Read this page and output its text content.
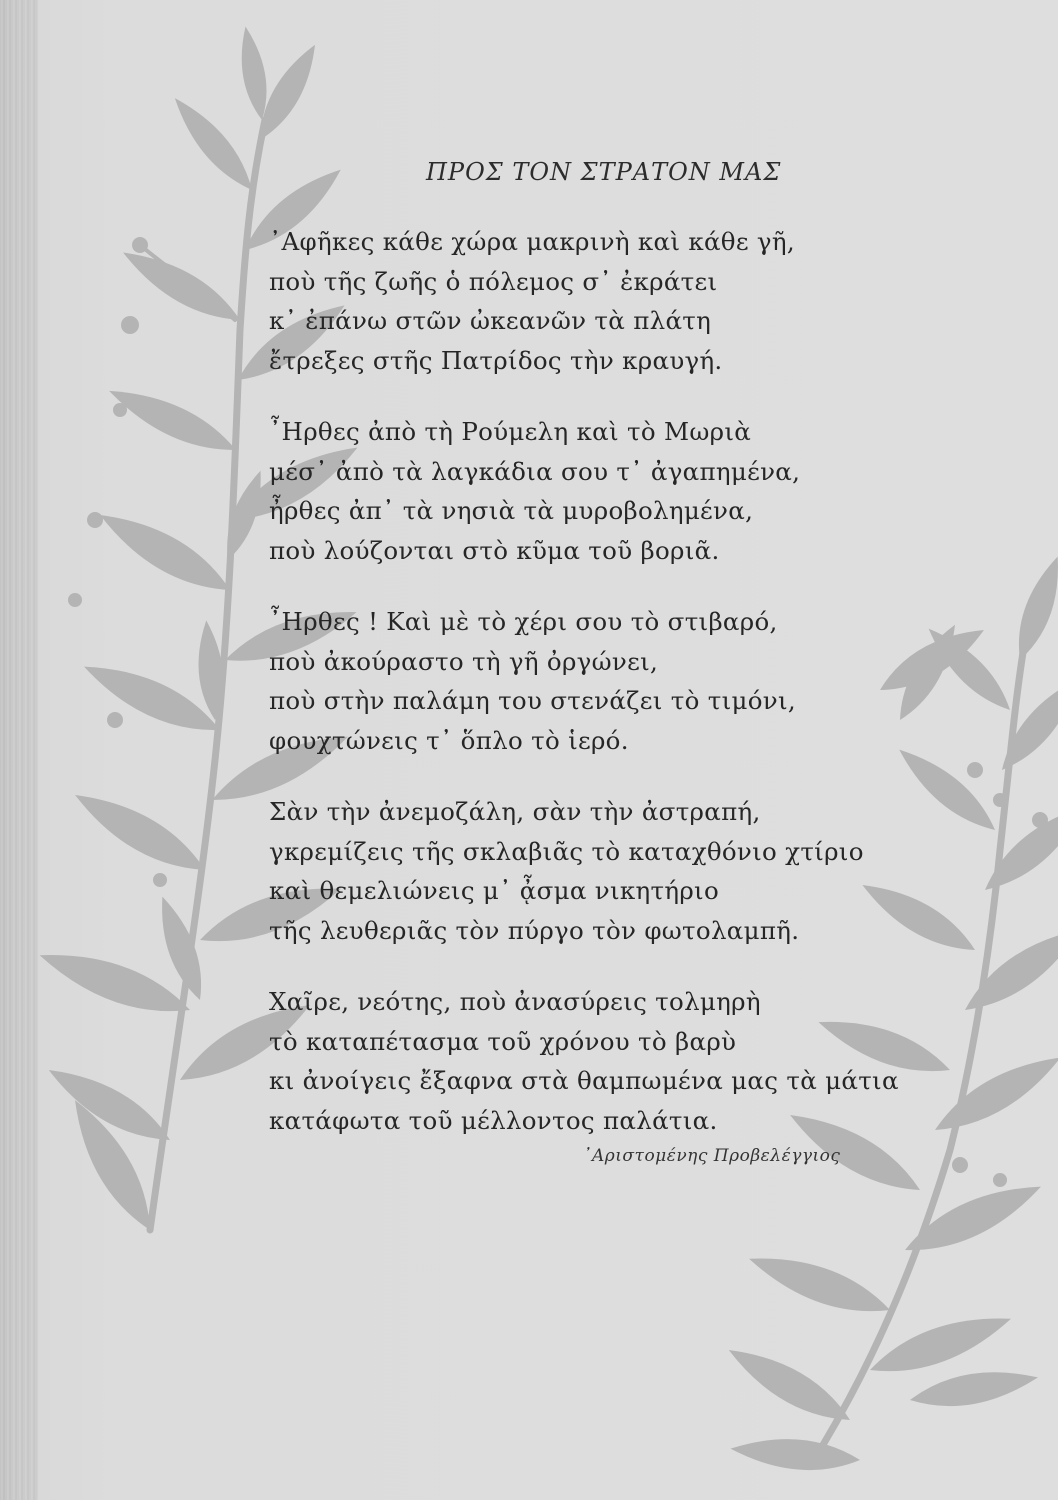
ΠΡΟΣ ΤΟΝ ΣΤΡΑΤΟΝ ΜΑΣ
᾿Αφῆκες κάθε χώρα μακρινὴ καὶ κάθε γῆ,
ποὺ τῆς ζωῆς ὁ πόλεμος σ᾿ ἐκράτει
κ᾿ ἐπάνω στῶν ὠκεανῶν τὰ πλάτη
ἔτρεξες στῆς Πατρίδος τὴν κραυγή.
῏Ηρθες ἀπὸ τὴ Ρούμελη καὶ τὸ Μωριὰ
μέσ᾿ ἀπὸ τὰ λαγκάδια σου τ᾿ ἀγαπημένα,
ἦρθες ἀπ᾿ τὰ νησιὰ τὰ μυροβολημένα,
ποὺ λούζονται στὸ κῦμα τοῦ βοριᾶ.
῏Ηρθες ! Καὶ μὲ τὸ χέρι σου τὸ στιβαρό,
ποὺ ἀκούραστο τὴ γῆ ὀργώνει,
ποὺ στὴν παλάμη του στενάζει τὸ τιμόνι,
φουχτώνεις τ᾿ ὅπλο τὸ ἱερό.
Σὰν τὴν ἀνεμοζάλη, σὰν τὴν ἀστραπή,
γκρεμίζεις τῆς σκλαβιᾶς τὸ καταχθόνιο χτίριο
καὶ θεμελιώνεις μ᾿ ᾆσμα νικητήριο
τῆς λευθεριᾶς τὸν πύργο τὸν φωτολαμπῆ.
Χαῖρε, νεότης, ποὺ ἀνασύρεις τολμηρὴ
τὸ καταπέτασμα τοῦ χρόνου τὸ βαρὺ
κι ἀνοίγεις ἔξαφνα στὰ θαμπωμένα μας τὰ μάτια
κατάφωτα τοῦ μέλλοντος παλάτια.
᾿Αριστομένης Προβελέγγιος
